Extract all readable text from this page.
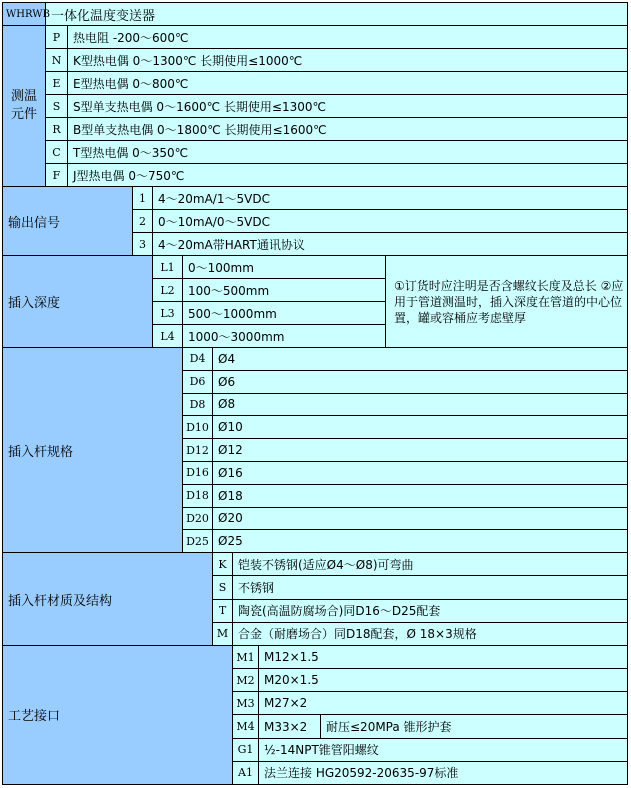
WHRWB	一体化温度变送器
测温元件	P	热电阻 -200～600℃
	N	K型热电偶 0～1300℃ 长期使用≤1000℃
	E	E型热电偶 0～800℃
	S	S型单支热电偶 0～1600℃ 长期使用≤1300℃
	R	B型单支热电偶 0～1800℃ 长期使用≤1600℃
	C	T型热电偶 0～350℃
	F	J型热电偶 0～750℃
输出信号	1	4～20mA/1～5VDC
	2	0～10mA/0～5VDC
	3	4～20mA带HART通讯协议
插入深度	L1	0～100mm	①订货时应注明是否含螺纹长度及总长 ②应用于管道测温时，插入深度在管道的中心位置，罐或容桶应考虑壁厚
	L2	100～500mm	
	L3	500～1000mm	
	L4	1000～3000mm	
插入杆规格	D4	Ø4
	D6	Ø6
	D8	Ø8
	D10	Ø10
	D12	Ø12
	D16	Ø16
	D18	Ø18
	D20	Ø20
	D25	Ø25
插入杆材质及结构	K	铠装不锈钢(适应Ø4～Ø8)可弯曲
	S	不锈钢
	T	陶瓷(高温防腐场合)同D16～D25配套
	M	合金（耐磨场合）同D18配套，Ø 18×3规格
工艺接口	M1	M12×1.5	
	M2	M20×1.5	
	M3	M27×2	
	M4	M33×2	耐压≤20MPa 锥形护套
	G1	½-14NPT锥管阳螺纹	
	A1	法兰连接 HG20592-20635-97标准	
